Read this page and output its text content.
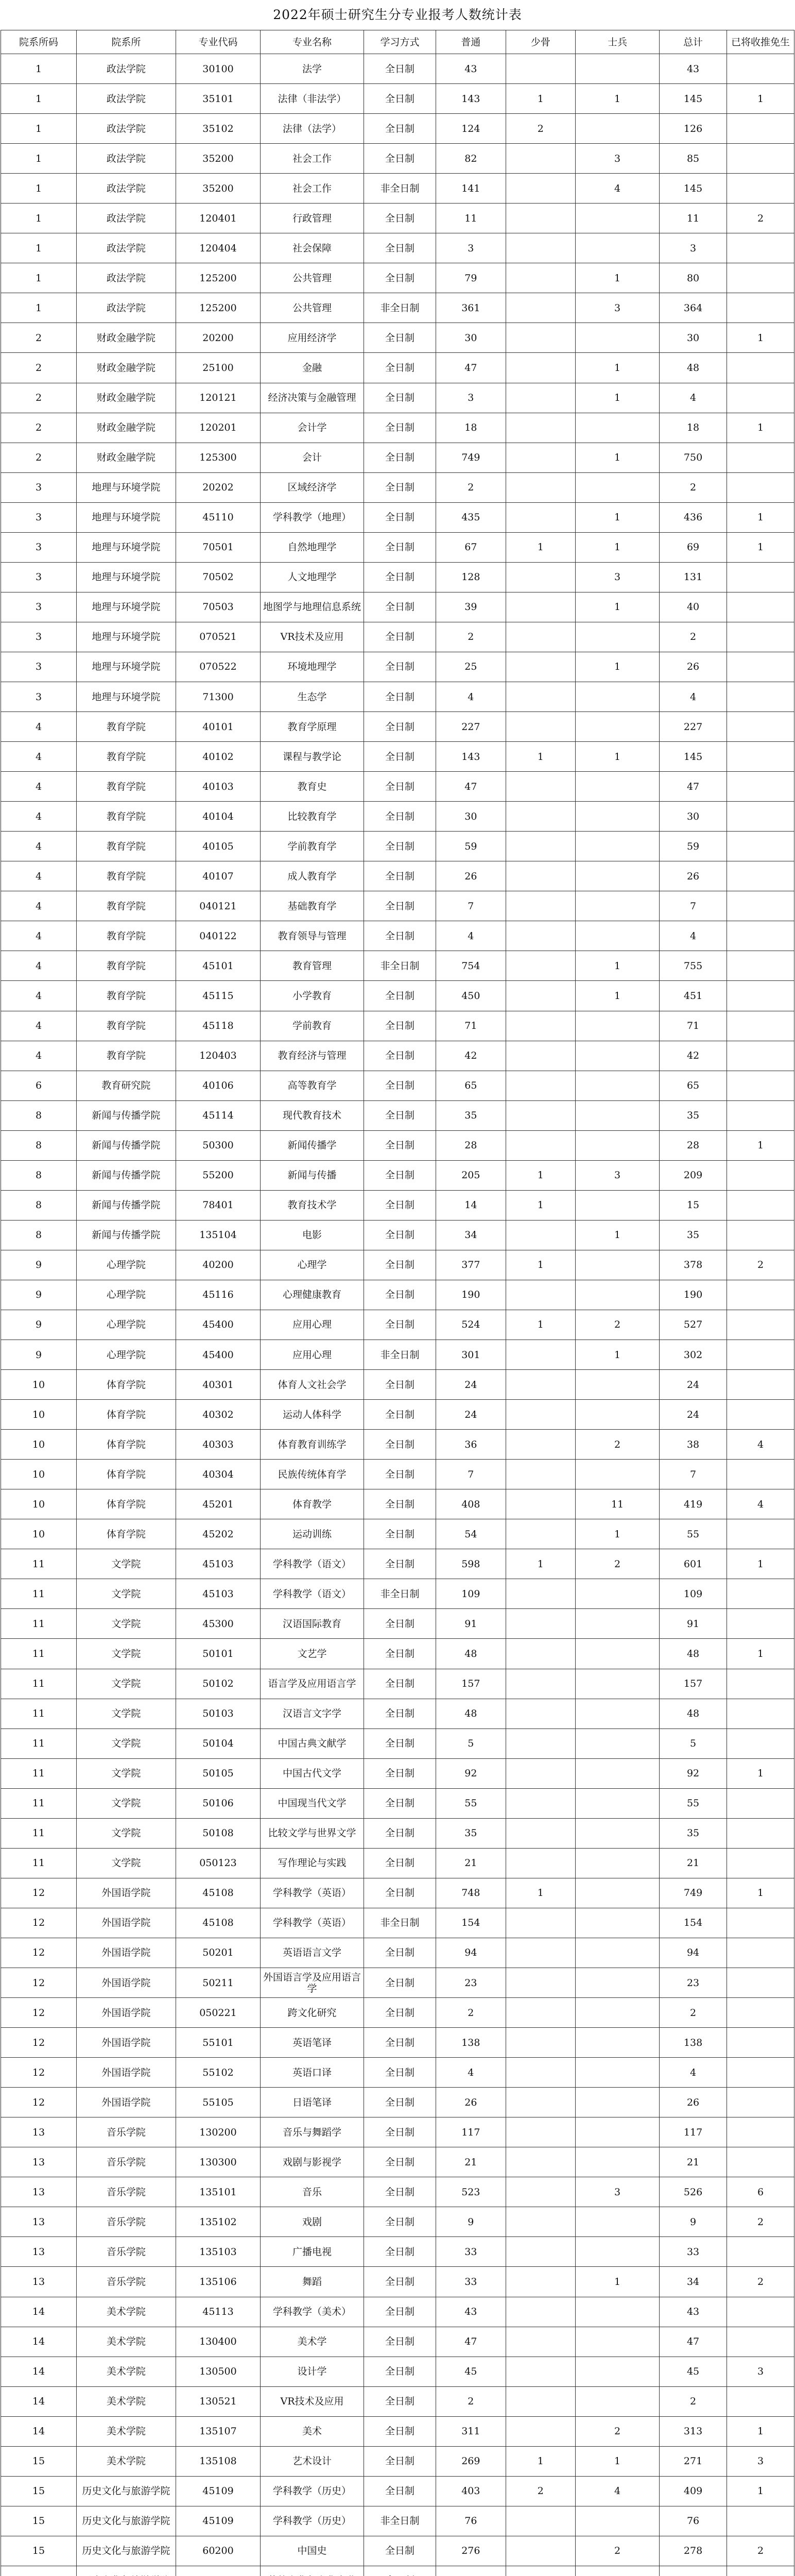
2022年硕士研究生分专业报考人数统计表
院系所码	院系所	专业代码	专业名称	学习方式	普通	少骨	士兵	总计	已将收推免生
1	政法学院	30100	法学	全日制	43			43	
1	政法学院	35101	法律（非法学）	全日制	143	1	1	145	1
1	政法学院	35102	法律（法学）	全日制	124	2		126	
1	政法学院	35200	社会工作	全日制	82		3	85	
1	政法学院	35200	社会工作	非全日制	141		4	145	
1	政法学院	120401	行政管理	全日制	11			11	2
1	政法学院	120404	社会保障	全日制	3			3	
1	政法学院	125200	公共管理	全日制	79		1	80	
1	政法学院	125200	公共管理	非全日制	361		3	364	
2	财政金融学院	20200	应用经济学	全日制	30			30	1
2	财政金融学院	25100	金融	全日制	47		1	48	
2	财政金融学院	120121	经济决策与金融管理	全日制	3		1	4	
2	财政金融学院	120201	会计学	全日制	18			18	1
2	财政金融学院	125300	会计	全日制	749		1	750	
3	地理与环境学院	20202	区域经济学	全日制	2			2	
3	地理与环境学院	45110	学科教学（地理）	全日制	435		1	436	1
3	地理与环境学院	70501	自然地理学	全日制	67	1	1	69	1
3	地理与环境学院	70502	人文地理学	全日制	128		3	131	
3	地理与环境学院	70503	地图学与地理信息系统	全日制	39		1	40	
3	地理与环境学院	070521	VR技术及应用	全日制	2			2	
3	地理与环境学院	070522	环境地理学	全日制	25		1	26	
3	地理与环境学院	71300	生态学	全日制	4			4	
4	教育学院	40101	教育学原理	全日制	227			227	
4	教育学院	40102	课程与教学论	全日制	143	1	1	145	
4	教育学院	40103	教育史	全日制	47			47	
4	教育学院	40104	比较教育学	全日制	30			30	
4	教育学院	40105	学前教育学	全日制	59			59	
4	教育学院	40107	成人教育学	全日制	26			26	
4	教育学院	040121	基础教育学	全日制	7			7	
4	教育学院	040122	教育领导与管理	全日制	4			4	
4	教育学院	45101	教育管理	非全日制	754		1	755	
4	教育学院	45115	小学教育	全日制	450		1	451	
4	教育学院	45118	学前教育	全日制	71			71	
4	教育学院	120403	教育经济与管理	全日制	42			42	
6	教育研究院	40106	高等教育学	全日制	65			65	
8	新闻与传播学院	45114	现代教育技术	全日制	35			35	
8	新闻与传播学院	50300	新闻传播学	全日制	28			28	1
8	新闻与传播学院	55200	新闻与传播	全日制	205	1	3	209	
8	新闻与传播学院	78401	教育技术学	全日制	14	1		15	
8	新闻与传播学院	135104	电影	全日制	34		1	35	
9	心理学院	40200	心理学	全日制	377	1		378	2
9	心理学院	45116	心理健康教育	全日制	190			190	
9	心理学院	45400	应用心理	全日制	524	1	2	527	
9	心理学院	45400	应用心理	非全日制	301		1	302	
10	体育学院	40301	体育人文社会学	全日制	24			24	
10	体育学院	40302	运动人体科学	全日制	24			24	
10	体育学院	40303	体育教育训练学	全日制	36		2	38	4
10	体育学院	40304	民族传统体育学	全日制	7			7	
10	体育学院	45201	体育教学	全日制	408		11	419	4
10	体育学院	45202	运动训练	全日制	54		1	55	
11	文学院	45103	学科教学（语文）	全日制	598	1	2	601	1
11	文学院	45103	学科教学（语文）	非全日制	109			109	
11	文学院	45300	汉语国际教育	全日制	91			91	
11	文学院	50101	文艺学	全日制	48			48	1
11	文学院	50102	语言学及应用语言学	全日制	157			157	
11	文学院	50103	汉语言文字学	全日制	48			48	
11	文学院	50104	中国古典文献学	全日制	5			5	
11	文学院	50105	中国古代文学	全日制	92			92	1
11	文学院	50106	中国现当代文学	全日制	55			55	
11	文学院	50108	比较文学与世界文学	全日制	35			35	
11	文学院	050123	写作理论与实践	全日制	21			21	
12	外国语学院	45108	学科教学（英语）	全日制	748	1		749	1
12	外国语学院	45108	学科教学（英语）	非全日制	154			154	
12	外国语学院	50201	英语语言文学	全日制	94			94	
12	外国语学院	50211	外国语言学及应用语言学	全日制	23			23	
12	外国语学院	050221	跨文化研究	全日制	2			2	
12	外国语学院	55101	英语笔译	全日制	138			138	
12	外国语学院	55102	英语口译	全日制	4			4	
12	外国语学院	55105	日语笔译	全日制	26			26	
13	音乐学院	130200	音乐与舞蹈学	全日制	117			117	
13	音乐学院	130300	戏剧与影视学	全日制	21			21	
13	音乐学院	135101	音乐	全日制	523		3	526	6
13	音乐学院	135102	戏剧	全日制	9			9	2
13	音乐学院	135103	广播电视	全日制	33			33	
13	音乐学院	135106	舞蹈	全日制	33		1	34	2
14	美术学院	45113	学科教学（美术）	全日制	43			43	
14	美术学院	130400	美术学	全日制	47			47	
14	美术学院	130500	设计学	全日制	45			45	3
14	美术学院	130521	VR技术及应用	全日制	2			2	
14	美术学院	135107	美术	全日制	311		2	313	1
15	美术学院	135108	艺术设计	全日制	269	1	1	271	3
15	历史文化与旅游学院	45109	学科教学（历史）	全日制	403	2	4	409	1
15	历史文化与旅游学院	45109	学科教学（历史）	非全日制	76			76	
15	历史文化与旅游学院	60200	中国史	全日制	276		2	278	2
